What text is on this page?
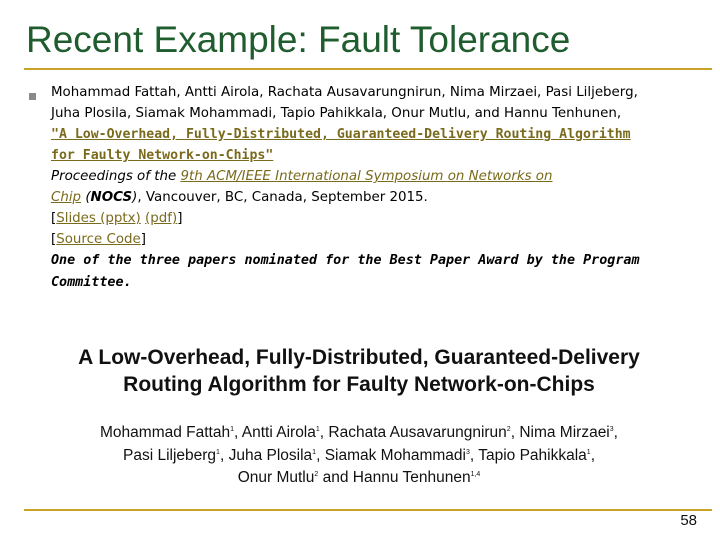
Recent Example: Fault Tolerance
Mohammad Fattah, Antti Airola, Rachata Ausavarungnirun, Nima Mirzaei, Pasi Liljeberg,
Juha Plosila, Siamak Mohammadi, Tapio Pahikkala, Onur Mutlu, and Hannu Tenhunen,
"A Low-Overhead, Fully-Distributed, Guaranteed-Delivery Routing Algorithm
for Faulty Network-on-Chips"
Proceedings of the 9th ACM/IEEE International Symposium on Networks on
Chip (NOCS), Vancouver, BC, Canada, September 2015.
[Slides (pptx) (pdf)]
[Source Code]
One of the three papers nominated for the Best Paper Award by the Program
Committee.
A Low-Overhead, Fully-Distributed, Guaranteed-Delivery
Routing Algorithm for Faulty Network-on-Chips
Mohammad Fattah$^1$, Antti Airola$^1$, Rachata Ausavarungnirun$^2$, Nima Mirzaei$^3$,
Pasi Liljeberg$^1$, Juha Plosila$^1$, Siamak Mohammadi$^3$, Tapio Pahikkala$^1$,
Onur Mutlu$^2$ and Hannu Tenhunen$^{1,4}$
58
